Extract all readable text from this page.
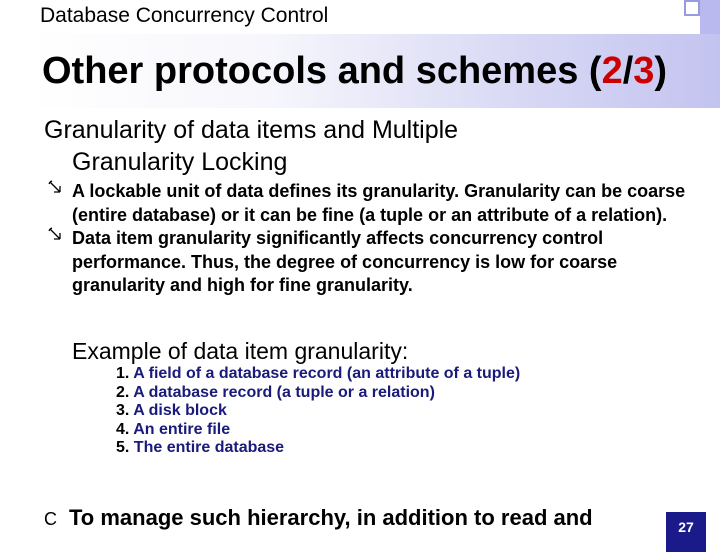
Database Concurrency Control
Other protocols and schemes (2/3)
Granularity of data items and Multiple
Granularity Locking
A lockable unit of data defines its granularity. Granularity can be coarse (entire database) or it can be fine (a tuple or an attribute of a relation).
Data item granularity significantly affects concurrency control performance. Thus, the degree of concurrency is low for coarse granularity and high for fine granularity.
Example of data item granularity:
1. A field of a database record (an attribute of a tuple)
2. A database record (a tuple or a relation)
3. A disk block
4. An entire file
5. The entire database
C To manage such hierarchy, in addition to read and	27
